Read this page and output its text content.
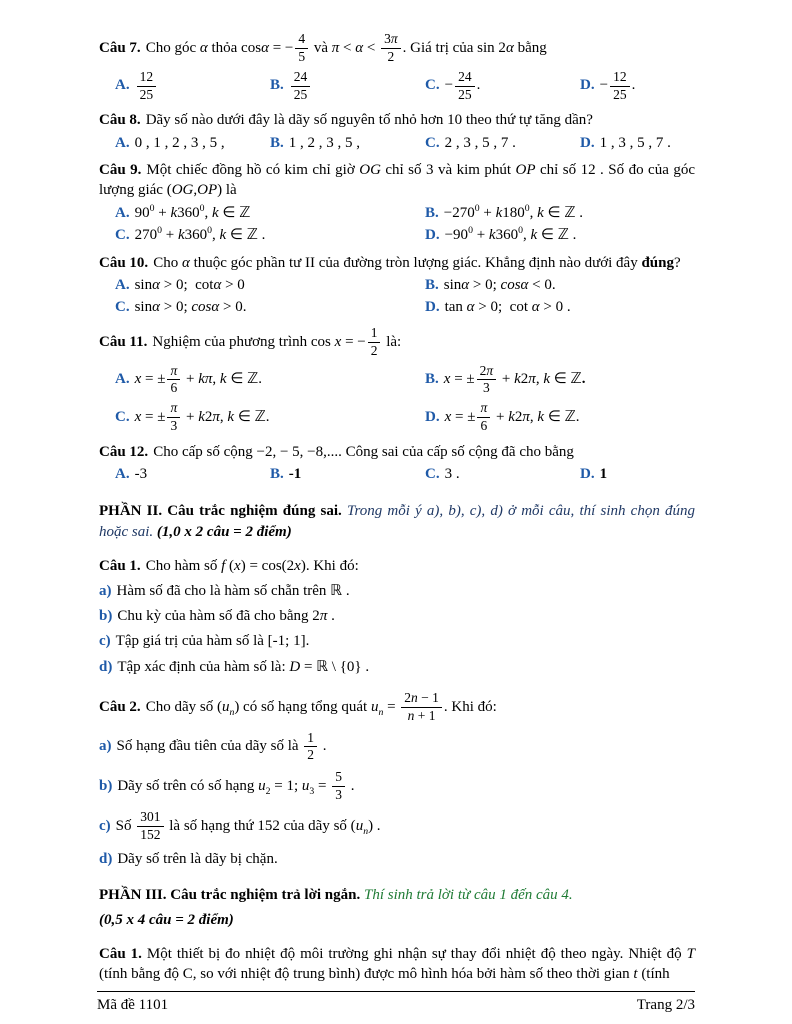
Câu 7. Cho góc α thỏa cosα = − $\frac{4}{5}$ và $\pi < \alpha < \frac{3\pi}{2}$ . Giá trị của sin 2α bằng

A. $\frac{12}{25}$	B. $\frac{24}{25}$	C. − $\frac{24}{25}$ .	D. − $\frac{12}{25}$ .

Câu 8. Dãy số nào dưới đây là dãy số nguyên tố nhỏ hơn 10 theo thứ tự tăng dần?

A. 0 , 1 , 2 , 3 , 5 ,	B. 1 , 2 , 3 , 5 ,	C. 2 , 3 , 5 , 7 .	D. 1 , 3 , 5 , 7 .

Câu 9. Một chiếc đồng hồ có kim chỉ giờ OG chỉ số 3 và kim phút OP chỉ số 12 . Số đo của góc lượng giác (OG,OP) là

A. $90^0 + k360^0$, k ∈ ℤ	B. $-270^0 + k180^0$, k ∈ ℤ .
C. $270^0 + k360^0$, k ∈ ℤ .	D. $-90^0 + k360^0$, k ∈ ℤ .

Câu 10. Cho α thuộc góc phần tư II của đường tròn lượng giác. Khẳng định nào dưới đây đúng?

A. sinα > 0;  cotα > 0	B. sinα > 0; cosα < 0.
C. sinα > 0; cosα > 0.	D. tan α > 0;  cot α > 0 .

Câu 11. Nghiệm của phương trình cos x = − $\frac{1}{2}$ là:

A. x = ± $\frac{\pi}{6} + k\pi$, k ∈ ℤ.	B. x = ± $\frac{2\pi}{3} + k2\pi$, k ∈ ℤ.
C. x = ± $\frac{\pi}{3} + k2\pi$, k ∈ ℤ.	D. x = ± $\frac{\pi}{6} + k2\pi$, k ∈ ℤ.

Câu 12. Cho cấp số cộng −2, − 5, −8,.... Công sai của cấp số cộng đã cho bằng

A. -3	B. -1	C. 3 .	D. 1

PHẦN II. Câu trắc nghiệm đúng sai. Trong mỗi ý a), b), c), d) ở mỗi câu, thí sinh chọn đúng hoặc sai. (1,0 x 2 câu = 2 điểm)

Câu 1. Cho hàm số f (x) = cos(2x). Khi đó:

a) Hàm số đã cho là hàm số chẵn trên ℝ .

b) Chu kỳ của hàm số đã cho bằng 2π .

c) Tập giá trị của hàm số là [-1; 1].

d) Tập xác định của hàm số là: D = ℝ \ {0} .

Câu 2. Cho dãy số $(u_n)$ có số hạng tổng quát $u_n = \frac{2n - 1}{n + 1}$ . Khi đó:

a) Số hạng đầu tiên của dãy số là $\frac{1}{2}$ .

b) Dãy số trên có số hạng $u_2 = 1$; $u_3 = \frac{5}{3}$ .

c) Số $\frac{301}{152}$ là số hạng thứ 152 của dãy số $(u_n)$ .

d) Dãy số trên là dãy bị chặn.

PHẦN III. Câu trắc nghiệm trả lời ngắn. Thí sinh trả lời từ câu 1 đến câu 4.

(0,5 x 4 câu = 2 điểm)

Câu 1. Một thiết bị đo nhiệt độ môi trường ghi nhận sự thay đổi nhiệt độ theo ngày. Nhiệt độ T (tính bằng độ C, so với nhiệt độ trung bình) được mô hình hóa bởi hàm số theo thời gian t (tính

Mã đề 1101	Trang 2/3
